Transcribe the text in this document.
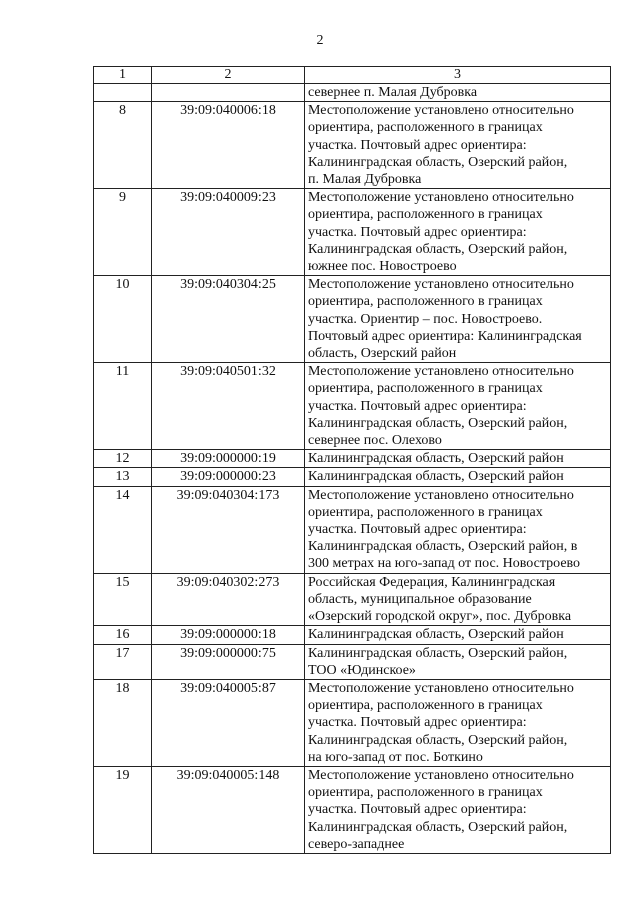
2
1	2	3

		севернее п. Малая Дубровка

8	39:09:040006:18	Местоположение установлено относительно
ориентира, расположенного в границах
участка. Почтовый адрес ориентира:
Калининградская область, Озерский район,
п. Малая Дубровка

9	39:09:040009:23	Местоположение установлено относительно
ориентира, расположенного в границах
участка. Почтовый адрес ориентира:
Калининградская область, Озерский район,
южнее пос. Новостроево

10	39:09:040304:25	Местоположение установлено относительно
ориентира, расположенного в границах
участка. Ориентир – пос. Новостроево.
Почтовый адрес ориентира: Калининградская
область, Озерский район

11	39:09:040501:32	Местоположение установлено относительно
ориентира, расположенного в границах
участка. Почтовый адрес ориентира:
Калининградская область, Озерский район,
севернее пос. Олехово

12	39:09:000000:19	Калининградская область, Озерский район

13	39:09:000000:23	Калининградская область, Озерский район

14	39:09:040304:173	Местоположение установлено относительно
ориентира, расположенного в границах
участка. Почтовый адрес ориентира:
Калининградская область, Озерский район, в
300 метрах на юго-запад от пос. Новостроево

15	39:09:040302:273	Российская Федерация, Калининградская
область, муниципальное образование
«Озерский городской округ», пос. Дубровка

16	39:09:000000:18	Калининградская область, Озерский район

17	39:09:000000:75	Калининградская область, Озерский район,
ТОО «Юдинское»

18	39:09:040005:87	Местоположение установлено относительно
ориентира, расположенного в границах
участка. Почтовый адрес ориентира:
Калининградская область, Озерский район,
на юго-запад от пос. Боткино

19	39:09:040005:148	Местоположение установлено относительно
ориентира, расположенного в границах
участка. Почтовый адрес ориентира:
Калининградская область, Озерский район,
северо-западнее
